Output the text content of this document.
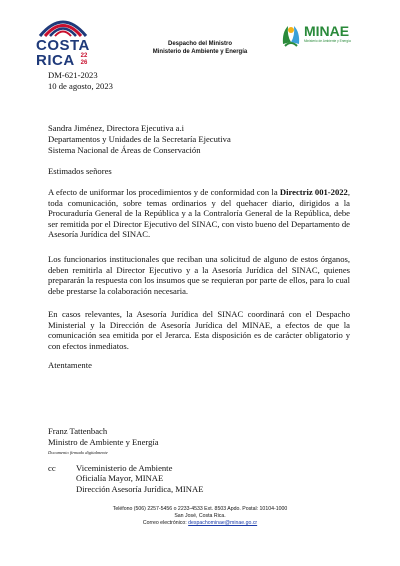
COSTA
RICA 22
26
Despacho del Ministro
Ministerio de Ambiente y Energía
MINAE
Ministerio de Ambiente y Energía
DM-621-2023
10 de agosto, 2023
Sandra Jiménez, Directora Ejecutiva a.i
Departamentos y Unidades de la Secretaría Ejecutiva
Sistema Nacional de Áreas de Conservación
Estimados señores
A efecto de uniformar los procedimientos y de conformidad con la Directriz 001-2022, toda comunicación, sobre temas ordinarios y del quehacer diario, dirigidos a la Procuraduría General de la República y a la Contraloría General de la República, debe ser remitida por el Director Ejecutivo del SINAC, con visto bueno del Departamento de Asesoría Jurídica del SINAC.
Los funcionarios institucionales que reciban una solicitud de alguno de estos órganos, deben remitirla al Director Ejecutivo y a la Asesoría Jurídica del SINAC, quienes prepararán la respuesta con los insumos que se requieran por parte de ellos, para lo cual debe prestarse la colaboración necesaria.
En casos relevantes, la Asesoría Jurídica del SINAC coordinará con el Despacho Ministerial y la Dirección de Asesoría Jurídica del MINAE, a efectos de que la comunicación sea emitida por el Jerarca. Esta disposición es de carácter obligatorio y con efectos inmediatos.
Atentamente
Franz Tattenbach
Ministro de Ambiente y Energía
Documento firmado digitalmente
cc Viceministerio de Ambiente
Oficialía Mayor, MINAE
Dirección Asesoría Jurídica, MINAE
Teléfono (506) 2257-5456 o 2233-4533 Ext. 8503 Apdo. Postal: 10104-1000
San José, Costa Rica.
Correo electrónico: despachominae@minae.go.cr
